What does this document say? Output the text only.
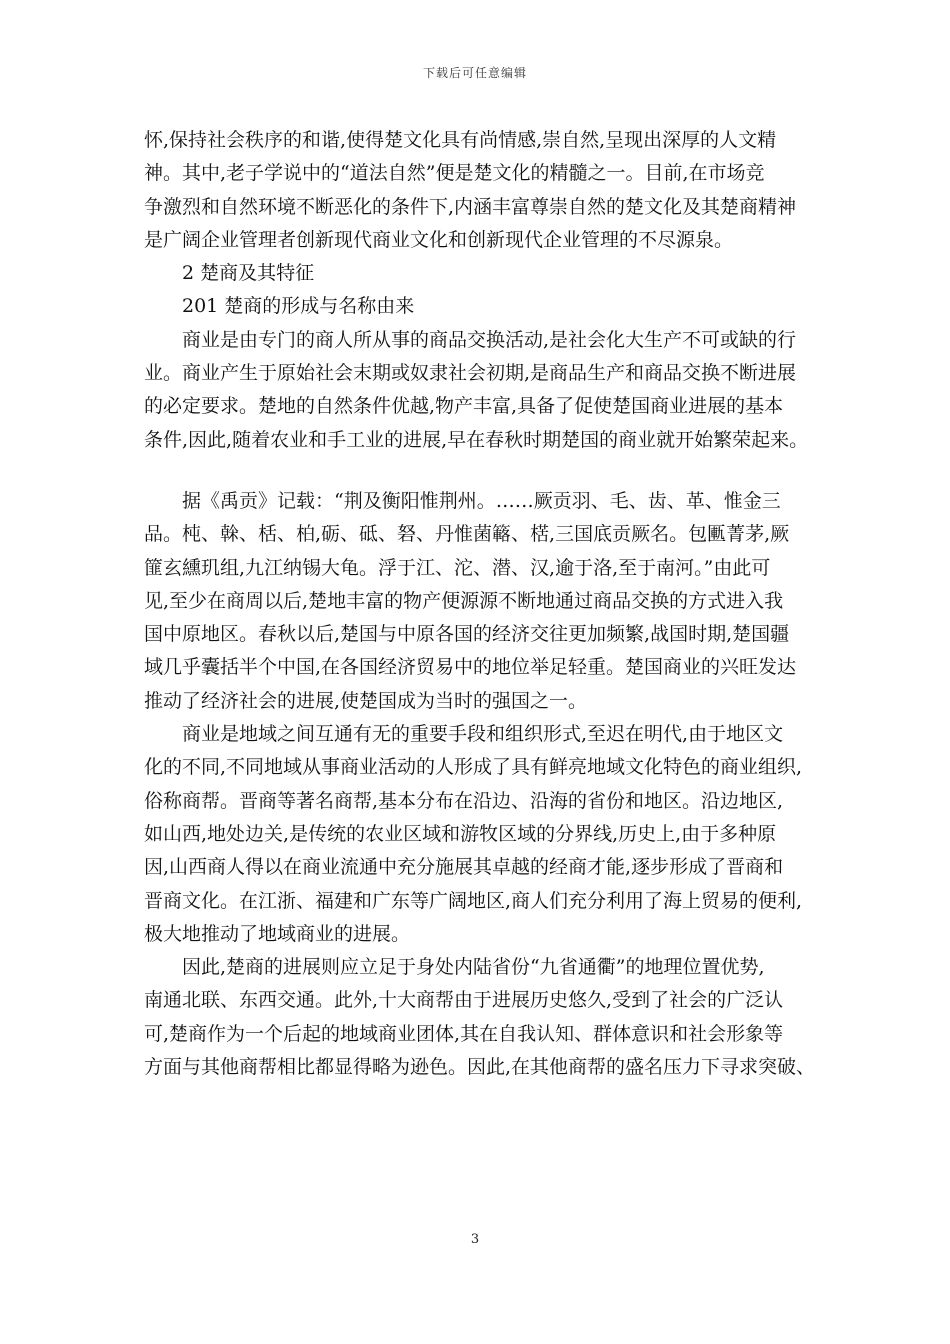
下载后可任意编辑
怀,保持社会秩序的和谐,使得楚文化具有尚情感,崇自然,呈现出深厚的人文精
神。其中,老子学说中的“道法自然”便是楚文化的精髓之一。目前,在市场竞
争激烈和自然环境不断恶化的条件下,内涵丰富尊崇自然的楚文化及其楚商精神
是广阔企业管理者创新现代商业文化和创新现代企业管理的不尽源泉。
2 楚商及其特征
201 楚商的形成与名称由来
商业是由专门的商人所从事的商品交换活动,是社会化大生产不可或缺的行
业。商业产生于原始社会末期或奴隶社会初期,是商品生产和商品交换不断进展
的必定要求。楚地的自然条件优越,物产丰富,具备了促使楚国商业进展的基本
条件,因此,随着农业和手工业的进展,早在春秋时期楚国的商业就开始繁荣起来。
据《禹贡》记载：“荆及衡阳惟荆州。……厥贡羽、毛、齿、革、惟金三
品。杶、榦、栝、柏,砺、砥、砮、丹惟菌簵、楛,三国底贡厥名。包匭菁茅,厥
篚玄纁玑组,九江纳锡大龟。浮于江、沱、潜、汉,逾于洛,至于南河。”由此可
见,至少在商周以后,楚地丰富的物产便源源不断地通过商品交换的方式进入我
国中原地区。春秋以后,楚国与中原各国的经济交往更加频繁,战国时期,楚国疆
域几乎囊括半个中国,在各国经济贸易中的地位举足轻重。楚国商业的兴旺发达
推动了经济社会的进展,使楚国成为当时的强国之一。
商业是地域之间互通有无的重要手段和组织形式,至迟在明代,由于地区文
化的不同,不同地域从事商业活动的人形成了具有鲜亮地域文化特色的商业组织,
俗称商帮。晋商等著名商帮,基本分布在沿边、沿海的省份和地区。沿边地区,
如山西,地处边关,是传统的农业区域和游牧区域的分界线,历史上,由于多种原
因,山西商人得以在商业流通中充分施展其卓越的经商才能,逐步形成了晋商和
晋商文化。在江浙、福建和广东等广阔地区,商人们充分利用了海上贸易的便利,
极大地推动了地域商业的进展。
因此,楚商的进展则应立足于身处内陆省份“九省通衢”的地理位置优势,
南通北联、东西交通。此外,十大商帮由于进展历史悠久,受到了社会的广泛认
可,楚商作为一个后起的地域商业团体,其在自我认知、群体意识和社会形象等
方面与其他商帮相比都显得略为逊色。因此,在其他商帮的盛名压力下寻求突破、
3
